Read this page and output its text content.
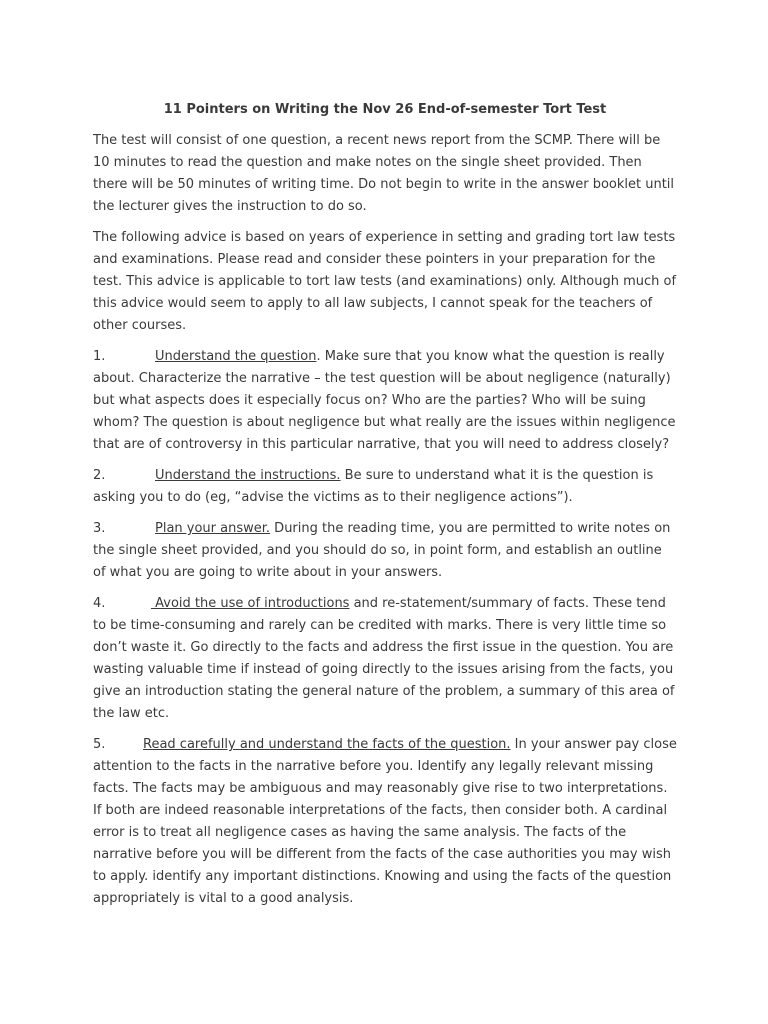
11 Pointers on Writing the Nov 26 End-of-semester Tort Test

The test will consist of one question, a recent news report from the SCMP. There will be 10 minutes to read the question and make notes on the single sheet provided. Then there will be 50 minutes of writing time. Do not begin to write in the answer booklet until the lecturer gives the instruction to do so.

The following advice is based on years of experience in setting and grading tort law tests and examinations. Please read and consider these pointers in your preparation for the test. This advice is applicable to tort law tests (and examinations) only. Although much of this advice would seem to apply to all law subjects, I cannot speak for the teachers of other courses.

1.	Understand the question. Make sure that you know what the question is really about. Characterize the narrative – the test question will be about negligence (naturally) but what aspects does it especially focus on? Who are the parties? Who will be suing whom? The question is about negligence but what really are the issues within negligence that are of controversy in this particular narrative, that you will need to address closely?

2.	Understand the instructions. Be sure to understand what it is the question is asking you to do (eg, “advise the victims as to their negligence actions”).

3.	Plan your answer. During the reading time, you are permitted to write notes on the single sheet provided, and you should do so, in point form, and establish an outline of what you are going to write about in your answers.

4.	Avoid the use of introductions and re-statement/summary of facts. These tend to be time-consuming and rarely can be credited with marks. There is very little time so don’t waste it. Go directly to the facts and address the first issue in the question. You are wasting valuable time if instead of going directly to the issues arising from the facts, you give an introduction stating the general nature of the problem, a summary of this area of the law etc.

5.	Read carefully and understand the facts of the question. In your answer pay close attention to the facts in the narrative before you. Identify any legally relevant missing facts. The facts may be ambiguous and may reasonably give rise to two interpretations. If both are indeed reasonable interpretations of the facts, then consider both. A cardinal error is to treat all negligence cases as having the same analysis. The facts of the narrative before you will be different from the facts of the case authorities you may wish to apply. identify any important distinctions. Knowing and using the facts of the question appropriately is vital to a good analysis.
